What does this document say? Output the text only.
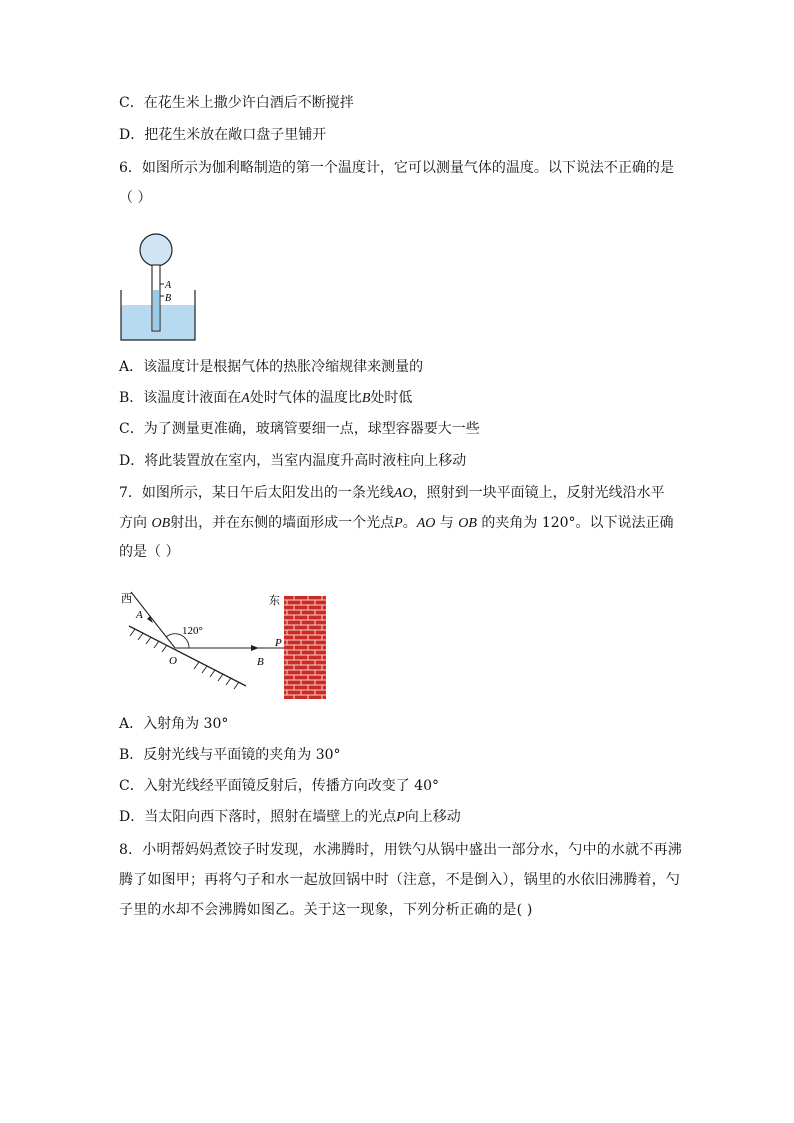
C．在花生米上撒少许白酒后不断搅拌
D．把花生米放在敞口盘子里铺开
6．如图所示为伽利略制造的第一个温度计，它可以测量气体的温度。以下说法不正确的是
（ ）
A
B
A．该温度计是根据气体的热胀冷缩规律来测量的
B．该温度计液面在A处时气体的温度比B处时低
C．为了测量更准确，玻璃管要细一点，球型容器要大一些
D．将此装置放在室内，当室内温度升高时液柱向上移动
7．如图所示，某日午后太阳发出的一条光线AO，照射到一块平面镜上，反射光线沿水平
方向 OB射出，并在东侧的墙面形成一个光点P。AO 与 OB 的夹角为 120°。以下说法正确
的是（ ）
西	东
A
120°
O	B
P
A．入射角为 30°
B．反射光线与平面镜的夹角为 30°
C．入射光线经平面镜反射后，传播方向改变了 40°
D．当太阳向西下落时，照射在墙壁上的光点P向上移动
8．小明帮妈妈煮饺子时发现，水沸腾时，用铁勺从锅中盛出一部分水，勺中的水就不再沸
腾了如图甲；再将勺子和水一起放回锅中时（注意，不是倒入），锅里的水依旧沸腾着，勺
子里的水却不会沸腾如图乙。关于这一现象，下列分析正确的是( )
